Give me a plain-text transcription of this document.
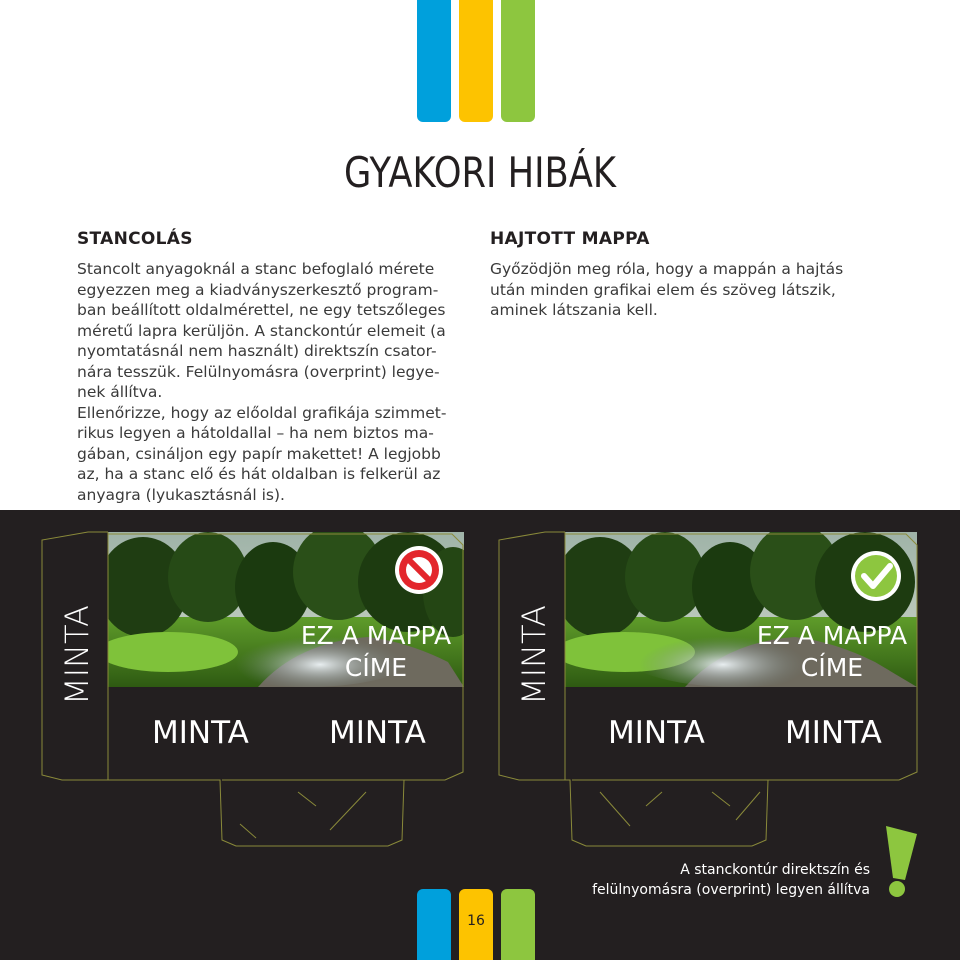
GYAKORI HIBÁK
STANCOLÁS
Stancolt anyagoknál a stanc befoglaló mérete
egyezzen meg a kiadványszerkesztő program-
ban beállított oldalmérettel, ne egy tetszőleges
méretű lapra kerüljön. A stanckontúr elemeit (a
nyomtatásnál nem használt) direktszín csator-
nára tesszük. Felülnyomásra (overprint) legye-
nek állítva.
Ellenőrizze, hogy az előoldal grafikája szimmet-
rikus legyen a hátoldallal – ha nem biztos ma-
gában, csináljon egy papír makettet! A legjobb
az, ha a stanc elő és hát oldalban is felkerül az
anyagra (lyukasztásnál is).
HAJTOTT MAPPA
Győzödjön meg róla, hogy a mappán a hajtás
után minden grafikai elem és szöveg látszik,
aminek látszania kell.
MINTA	MINTA
EZ A MAPPA
CÍME
EZ A MAPPA
CÍME
MINTA	MINTA	MINTA	MINTA
A stanckontúr direktszín és
felülnyomásra (overprint) legyen állítva
16
